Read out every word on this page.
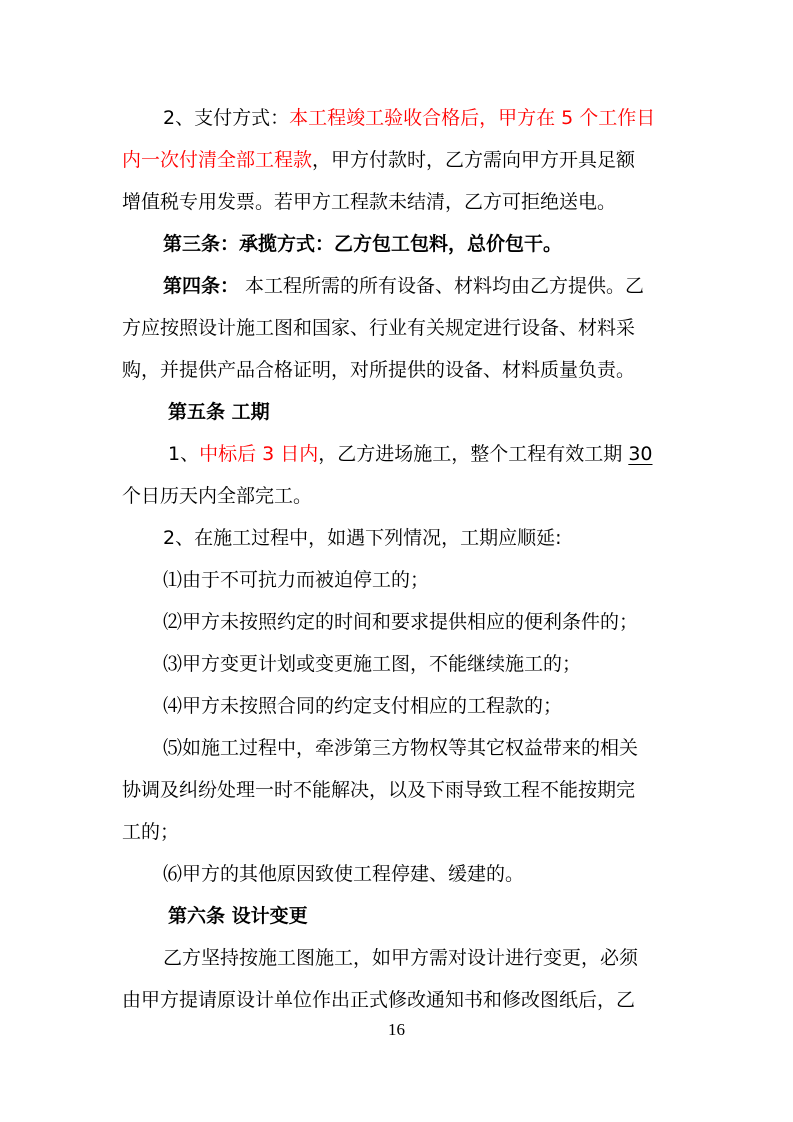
2、支付方式：本工程竣工验收合格后，甲方在 5 个工作日
内一次付清全部工程款，甲方付款时，乙方需向甲方开具足额
增值税专用发票。若甲方工程款未结清，乙方可拒绝送电。
第三条：承揽方式：乙方包工包料，总价包干。
第四条： 本工程所需的所有设备、材料均由乙方提供。乙
方应按照设计施工图和国家、行业有关规定进行设备、材料采
购，并提供产品合格证明，对所提供的设备、材料质量负责。
第五条 工期
1、中标后 3 日内，乙方进场施工，整个工程有效工期 30
个日历天内全部完工。
2、在施工过程中，如遇下列情况，工期应顺延:
⑴由于不可抗力而被迫停工的；
⑵甲方未按照约定的时间和要求提供相应的便利条件的；
⑶甲方变更计划或变更施工图，不能继续施工的；
⑷甲方未按照合同的约定支付相应的工程款的；
⑸如施工过程中，牵涉第三方物权等其它权益带来的相关
协调及纠纷处理一时不能解决，以及下雨导致工程不能按期完
工的；
⑹甲方的其他原因致使工程停建、缓建的。
第六条 设计变更
乙方坚持按施工图施工，如甲方需对设计进行变更，必须
由甲方提请原设计单位作出正式修改通知书和修改图纸后，乙
16
